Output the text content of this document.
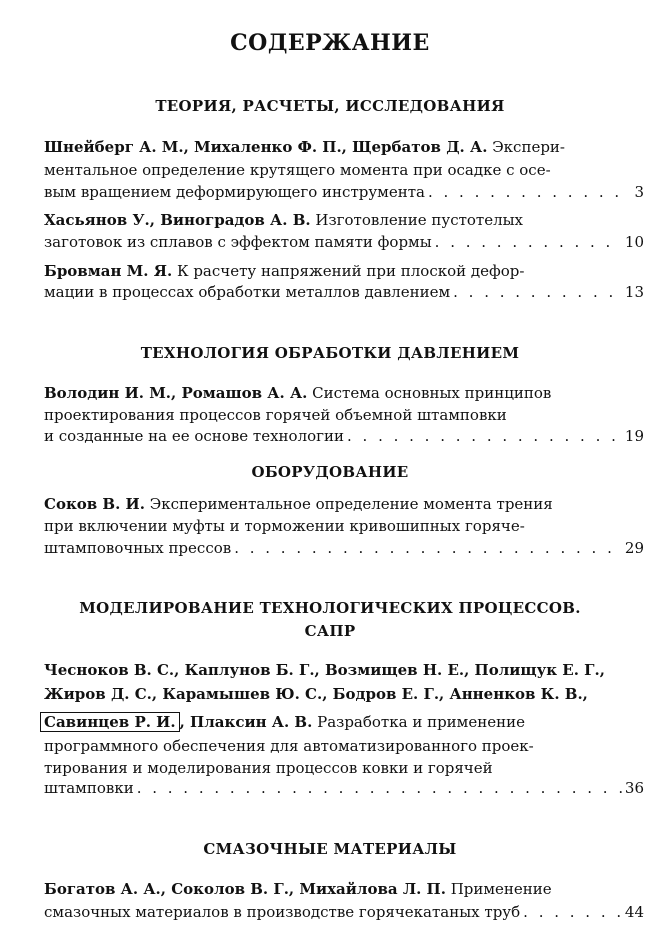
СОДЕРЖАНИЕ
ТЕОРИЯ, РАСЧЕТЫ, ИССЛЕДОВАНИЯ
Шнейберг А. М., Михаленко Ф. П., Щербатов Д. А. Экспери-
ментальное определение крутящего момента при осадке с осе-
вым вращением деформирующего инструмента . . .	3
Хасьянов У., Виноградов А. В. Изготовление пустотелых
заготовок из сплавов с эффектом памяти формы . . .	10
Бровман М. Я. К расчету напряжений при плоской дефор-
мации в процессах обработки металлов давлением . . .	13
ТЕХНОЛОГИЯ ОБРАБОТКИ ДАВЛЕНИЕМ
Володин И. М., Ромашов А. А. Система основных принципов
проектирования процессов горячей объемной штамповки
и созданные на ее основе технологии . . .	19
ОБОРУДОВАНИЕ
Соков В. И. Экспериментальное определение момента трения
при включении муфты и торможении кривошипных горяче-
штамповочных прессов . . .	29
МОДЕЛИРОВАНИЕ ТЕХНОЛОГИЧЕСКИХ ПРОЦЕССОВ.
САПР
Чесноков В. С., Каплунов Б. Г., Возмищев Н. Е., Полищук Е. Г.,
Жиров Д. С., Карамышев Ю. С., Бодров Е. Г., Анненков К. В.,
Савинцев Р. И. , Плаксин А. В. Разработка и применение
программного обеспечения для автоматизированного проек-
тирования и моделирования процессов ковки и горячей
штамповки . . .	36
СМАЗОЧНЫЕ МАТЕРИАЛЫ
Богатов А. А., Соколов В. Г., Михайлова Л. П. Применение
смазочных материалов в производстве горячекатаных труб . . .	44
